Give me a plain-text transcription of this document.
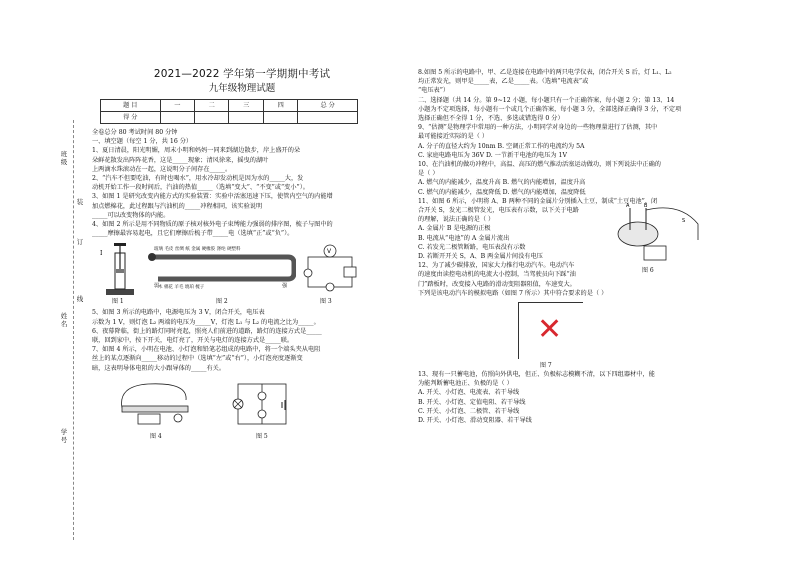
班级
装
订
线
姓名
学号
2021—2022 学年第一学期期中考试
九年级物理试题
题 目	一	二	三	四	总 分
得 分					

全卷总分 80 考试时间 80 分钟

一、填空题（每空 1 分，共 16 分）

1、夏日清晨，阳光明媚，周末小明和妈妈一同来到湖边散步，岸上盛开的朵

朵鲜花散发出阵阵花香，这是_____现象；清风徐来，摇曳的湖叶

上两滴水珠滚动在一起，这说明分子间存在_____。

2、“汽车不但要吃油，有时也喝水”，用水冷却发动机是因为水的_____大，发

动机开始工作一段时间后，汽油的热值_____（选填“变大”、“不变”或“变小”）。

3、如图 1 是研究改变内能方式的实验装置：实验中活塞迅速下压，使管内空气的内能增

加点燃棉花，此过程跟与汽油机的_____冲程相同，该实验说明

_____可以改变物体的内能。

4、如图 2 所示是用不同物质的原子核对核外电子束缚能力强弱的排序图，梳子与图中的

_____摩擦最容易起电，且它们摩擦后梳子带_____电（选填“正”或“负”）。

I
图 1
弱	强
玻璃 毛皮 丝绸 纸 金属 硬橡胶 涤纶 硬塑料
木 棉花 羊毛 琥珀 梳子
图 2
V
图 3

5、如图 3 所示的电路中，电源电压为 3 V，闭合开关，电压表

示数为 1 V，则灯泡 L₂ 两端的电压为_____V，灯泡 L₁ 与 L₂ 的电流之比为_____。

6、夜幕降临，街上的路灯同时亮起，照亮人们前进的道路，路灯的连接方式是_____

联，回到家中，按下开关，电灯亮了，开关与电灯的连接方式是_____联。

7、如图 4 所示，小明在电池、小灯泡和铅笔芯组成的电路中，将一个端头夹从电阻

丝上的某点逐渐向_____移动的过程中（选填“左”或“右”），小灯泡亮度逐渐变

暗，这表明导体电阻的大小跟导体的_____有关。

图 4	图 5

8.如图 5 所示的电路中，甲、乙是连接在电路中的两只电学仪表，闭合开关 S 后，灯 L₁、L₂

均正常发光，则甲是_____表，乙是_____表。（选填“电流表”或

“电压表”）

二、选择题（共 14 分。第 9~12 小题，每小题只有一个正确答案，每小题 2 分；第 13、14

小题为不定项选择，每小题有一个或几个正确答案，每小题 3 分，全部选择正确得 3 分，不定项

选择正确但不全得 1 分，不选、多选或错选得 0 分）

9、“估测”是物理学中常用的一种方法，小明同学对身边的一些物理量进行了估测，其中

最可能接近实际的是（ ）

A. 分子的直径大约为 10nm B. 空调正常工作的电流约为 5A

C. 家庭电路电压为 36V D. 一节新干电池的电压为 1V

10、在汽油机的做功冲程中，高温、高压的燃气推动活塞运动做功，则下列说法中正确的

是（ ）

A. 燃气的内能减少，温度升高 B. 燃气的内能增加，温度升高

C. 燃气的内能减少，温度降低 D. 燃气的内能增加，温度降低

11、如图 6 所示，小明将 A、B 两种不同的金属片分别插入土豆，制成“土豆电池”，闭

合开关 S，发光二极管发光，电压表有示数，以下关于电路

的理解，说法正确的是（ ）

A. 金属片 B 是电源的正极

B. 电流从“电池”的 A 金属片流出

C. 若发光二极管断路，电压表没有示数

D. 若断开开关 S，A、B 两金属片间没有电压

12、为了减少碳排放，国家大力推行电动汽车。电动汽车

的速度由读控电动机的电流大小控制，当驾驶员向下踩“油

门”踏板时，改变接入电路的滑动变阻器阻值，车速变大。

A	B
S
图 6

下列是该电动汽车的模拟电路（如图 7 所示）其中符合要求的是（ ）

✕
图 7

13、现有一只蓄电池，仿照向外供电，但正、负极标志模糊不清，以下四组器材中，能

为能判断蓄电池正、负极的是（ ）

A. 开关、小灯泡、电流表、若干导线

B. 开关、小灯泡、定值电阻、若干导线

C. 开关、小灯泡、二极管、若干导线

D. 开关、小灯泡、滑动变阻器、若干导线
